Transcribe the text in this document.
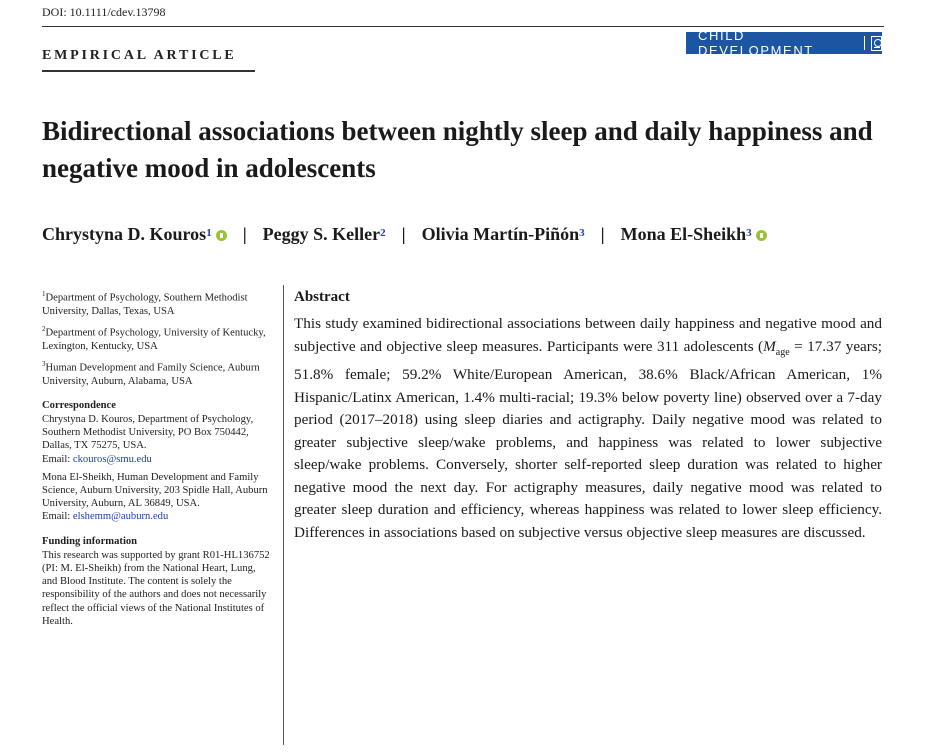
DOI: 10.1111/cdev.13798
CHILD DEVELOPMENT
EMPIRICAL ARTICLE
Bidirectional associations between nightly sleep and daily happiness and negative mood in adolescents
Chrystyna D. Kouros$^1$ | Peggy S. Keller$^2$ | Olivia Martín-Piñón$^3$ | Mona El-Sheikh$^3$

$^1$Department of Psychology, Southern Methodist University, Dallas, Texas, USA

$^2$Department of Psychology, University of Kentucky, Lexington, Kentucky, USA

$^3$Human Development and Family Science, Auburn University, Auburn, Alabama, USA

Correspondence

Chrystyna D. Kouros, Department of Psychology, Southern Methodist University, PO Box 750442, Dallas, TX 75275, USA.
Email: ckouros@smu.edu

Mona El-Sheikh, Human Development and Family Science, Auburn University, 203 Spidle Hall, Auburn University, Auburn, AL 36849, USA.
Email: elshemm@auburn.edu

Funding information

This research was supported by grant R01-HL136752 (PI: M. El-Sheikh) from the National Heart, Lung, and Blood Institute. The content is solely the responsibility of the authors and does not necessarily reflect the official views of the National Institutes of Health.

Abstract
This study examined bidirectional associations between daily happiness and negative mood and subjective and objective sleep measures. Participants were 311 adolescents ($M_{age} = 17.37$ years; 51.8% female; 59.2% White/European American, 38.6% Black/African American, 1% Hispanic/Latinx American, 1.4% multi-racial; 19.3% below poverty line) observed over a 7-day period (2017–2018) using sleep diaries and actigraphy. Daily negative mood was related to greater subjective sleep/wake problems, and happiness was related to lower subjective sleep/wake problems. Conversely, shorter self-reported sleep duration was related to higher negative mood the next day. For actigraphy measures, daily negative mood was related to greater sleep duration and efficiency, whereas happiness was related to lower sleep efficiency. Differences in associations based on subjective versus objective sleep measures are discussed.
